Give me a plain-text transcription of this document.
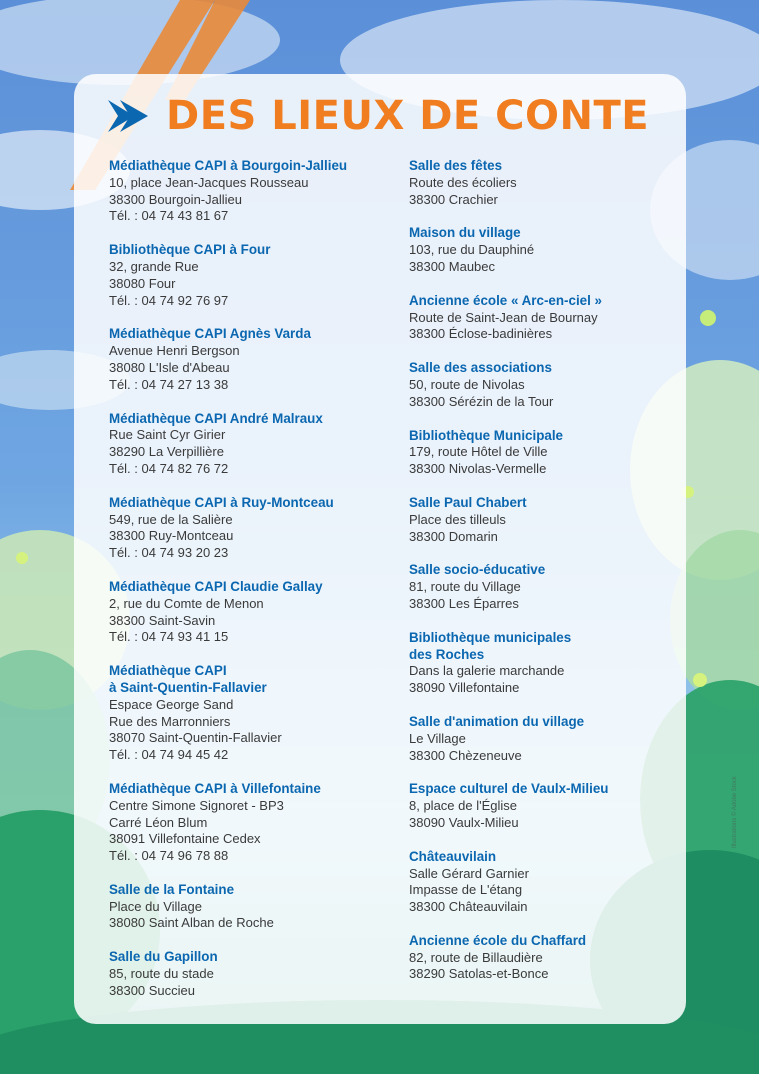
DES LIEUX DE CONTE
Médiathèque CAPI à Bourgoin-Jallieu
10, place Jean-Jacques Rousseau
38300 Bourgoin-Jallieu
Tél. : 04 74 43 81 67
Bibliothèque CAPI à Four
32, grande Rue
38080 Four
Tél. : 04 74 92 76 97
Médiathèque CAPI Agnès Varda
Avenue Henri Bergson
38080 L'Isle d'Abeau
Tél. : 04 74 27 13 38
Médiathèque CAPI André Malraux
Rue Saint Cyr Girier
38290 La Verpillière
Tél. : 04 74 82 76 72
Médiathèque CAPI à Ruy-Montceau
549, rue de la Salière
38300 Ruy-Montceau
Tél. : 04 74 93 20 23
Médiathèque CAPI Claudie Gallay
2, rue du Comte de Menon
38300 Saint-Savin
Tél. : 04 74 93 41 15
Médiathèque CAPI
à Saint-Quentin-Fallavier
Espace George Sand
Rue des Marronniers
38070 Saint-Quentin-Fallavier
Tél. : 04 74 94 45 42
Médiathèque CAPI à Villefontaine
Centre Simone Signoret - BP3
Carré Léon Blum
38091 Villefontaine Cedex
Tél. : 04 74 96 78 88
Salle de la Fontaine
Place du Village
38080 Saint Alban de Roche
Salle du Gapillon
85, route du stade
38300 Succieu
Salle des fêtes
Route des écoliers
38300 Crachier
Maison du village
103, rue du Dauphiné
38300 Maubec
Ancienne école « Arc-en-ciel »
Route de Saint-Jean de Bournay
38300 Éclose-badinières
Salle des associations
50, route de Nivolas
38300 Sérézin de la Tour
Bibliothèque Municipale
179, route Hôtel de Ville
38300 Nivolas-Vermelle
Salle Paul Chabert
Place des tilleuls
38300 Domarin
Salle socio-éducative
81, route du Village
38300 Les Éparres
Bibliothèque municipales
des Roches
Dans la galerie marchande
38090 Villefontaine
Salle d'animation du village
Le Village
38300 Chèzeneuve
Espace culturel de Vaulx-Milieu
8, place de l'Église
38090 Vaulx-Milieu
Châteauvilain
Salle Gérard Garnier
Impasse de L'étang
38300 Châteauvilain
Ancienne école du Chaffard
82, route de Billaudière
38290 Satolas-et-Bonce
Illustrations © Adobe Stock
